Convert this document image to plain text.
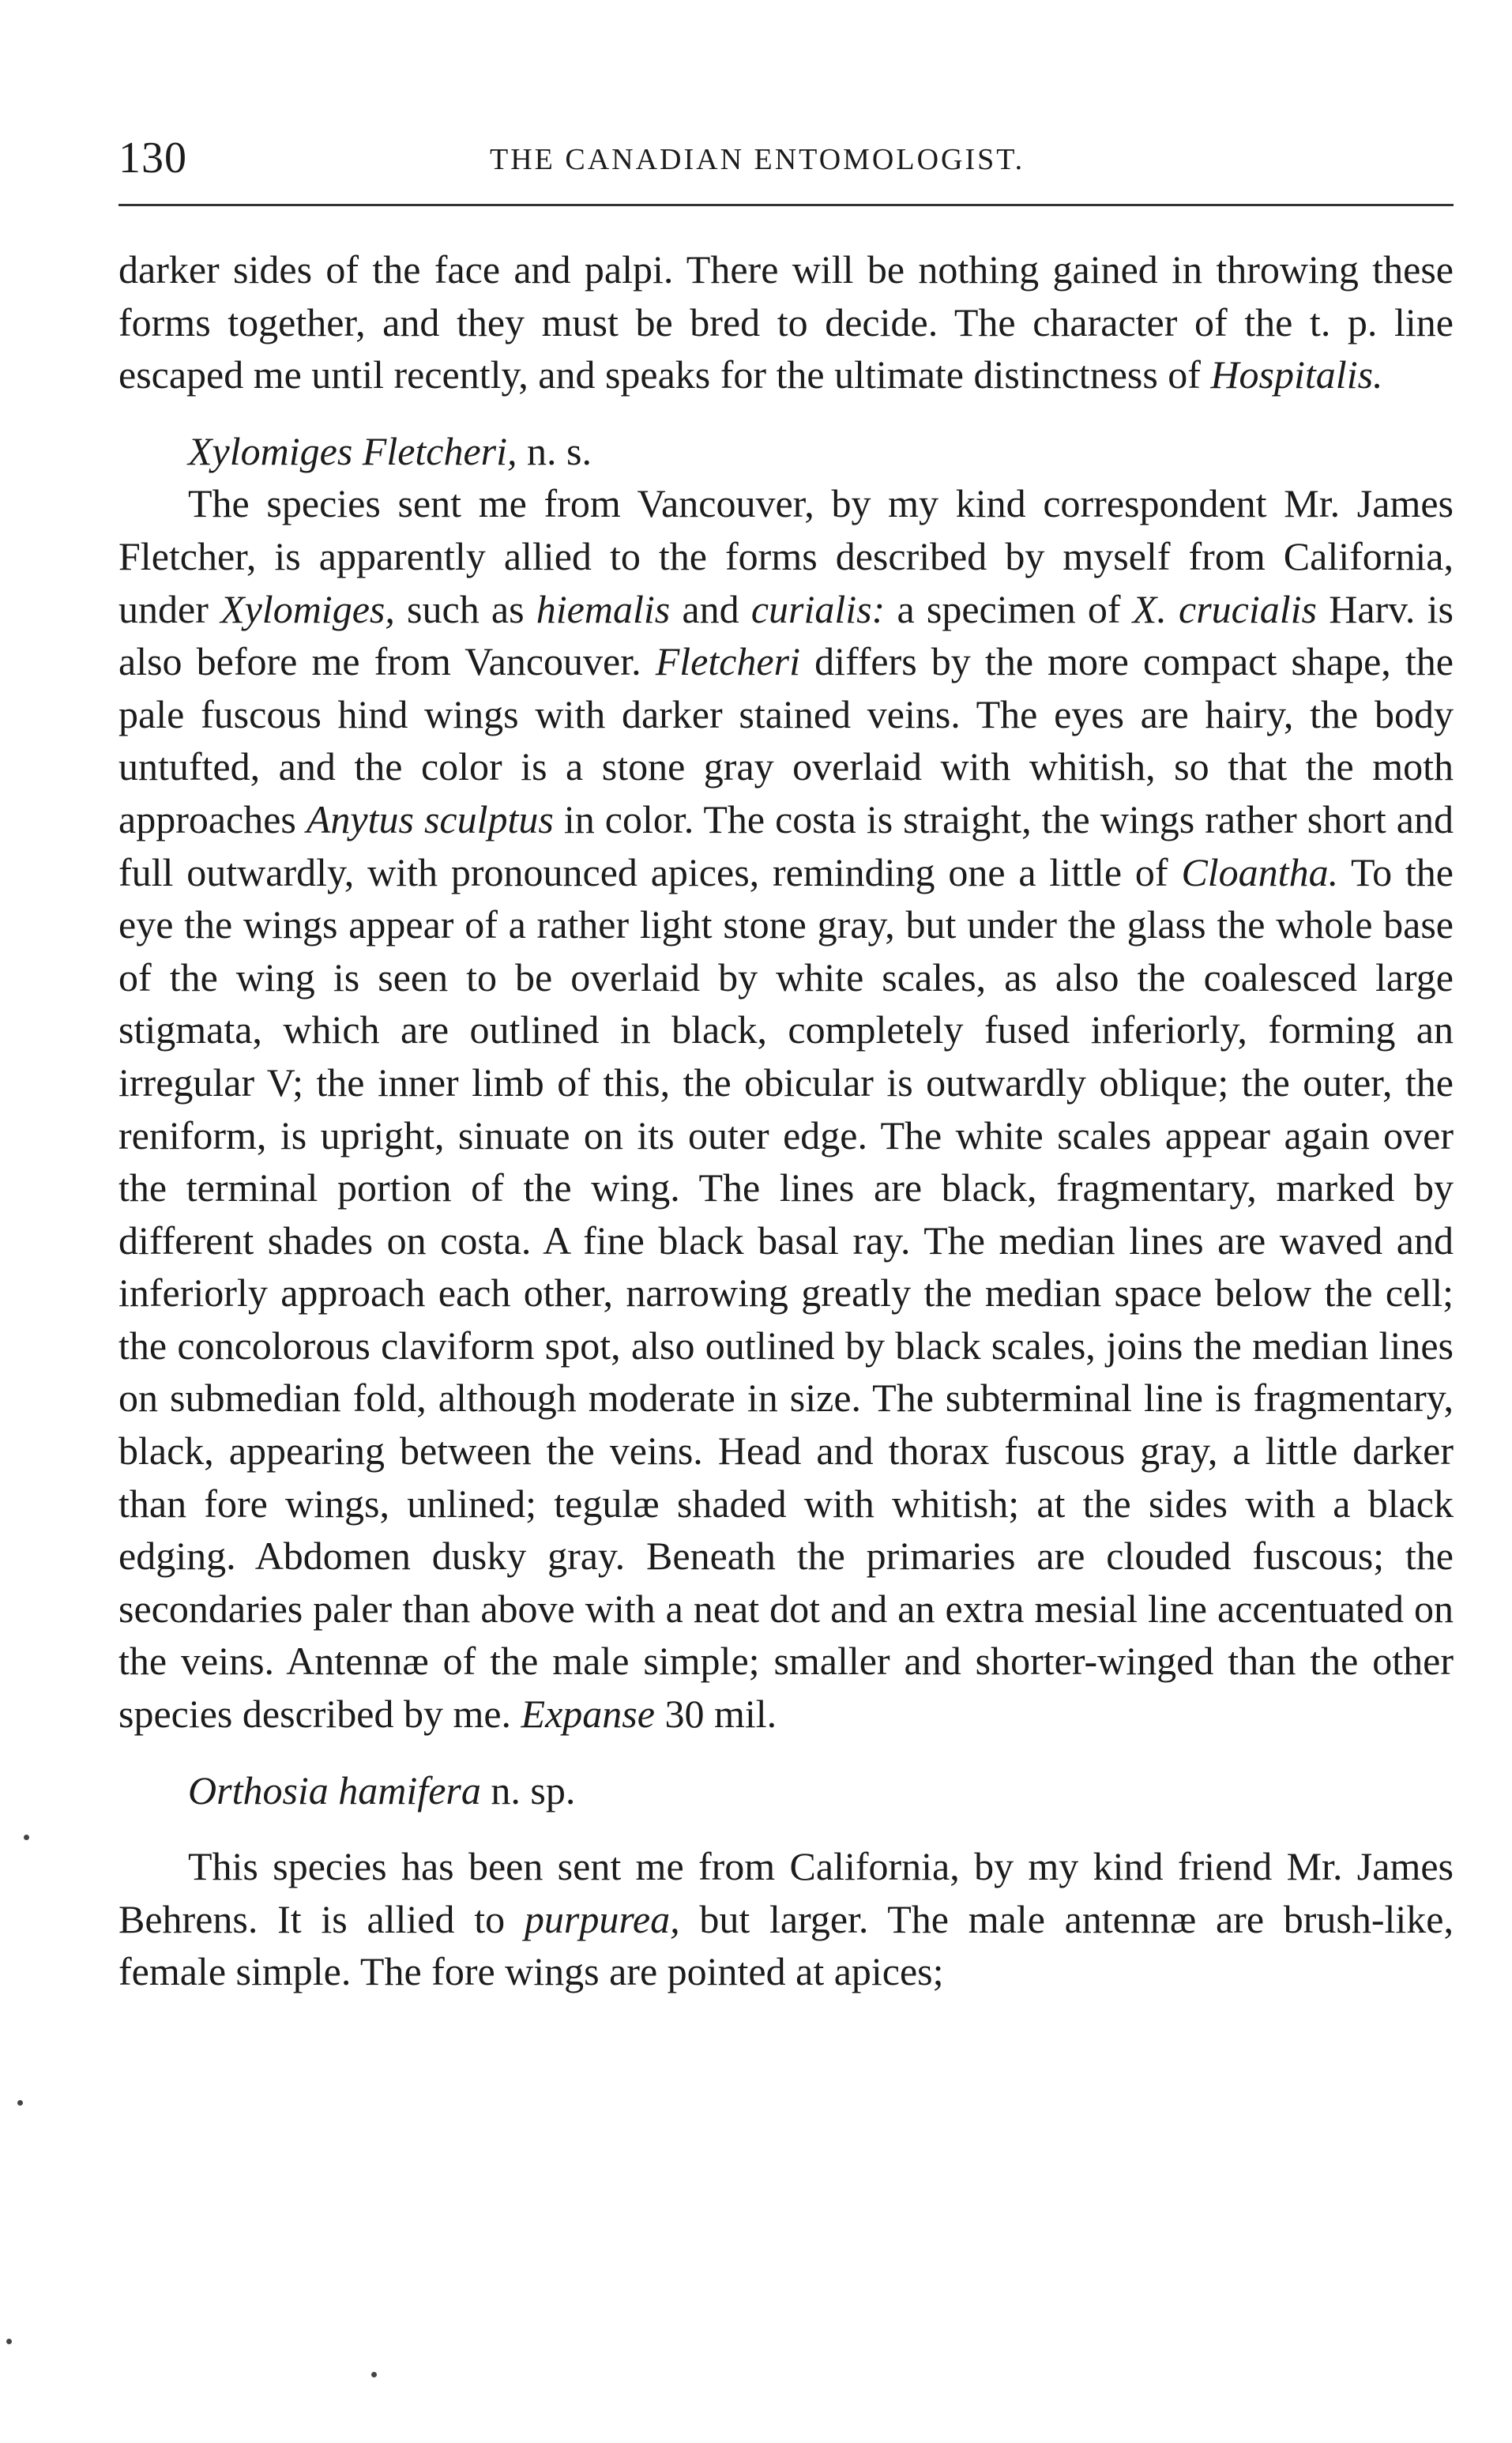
130	THE CANADIAN ENTOMOLOGIST.

darker sides of the face and palpi. There will be nothing gained in throwing these forms together, and they must be bred to decide. The character of the t. p. line escaped me until recently, and speaks for the ultimate distinctness of Hospitalis.

Xylomiges Fletcheri, n. s.

The species sent me from Vancouver, by my kind correspondent Mr. James Fletcher, is apparently allied to the forms described by myself from California, under Xylomiges, such as hiemalis and curialis: a specimen of X. crucialis Harv. is also before me from Vancouver. Fletcheri differs by the more compact shape, the pale fuscous hind wings with darker stained veins. The eyes are hairy, the body untufted, and the color is a stone gray overlaid with whitish, so that the moth approaches Anytus sculptus in color. The costa is straight, the wings rather short and full outwardly, with pronounced apices, reminding one a little of Cloantha. To the eye the wings appear of a rather light stone gray, but under the glass the whole base of the wing is seen to be overlaid by white scales, as also the coalesced large stigmata, which are outlined in black, completely fused inferiorly, forming an irregular V; the inner limb of this, the obicular is outwardly oblique; the outer, the reniform, is upright, sinuate on its outer edge. The white scales appear again over the terminal portion of the wing. The lines are black, fragmentary, marked by different shades on costa. A fine black basal ray. The median lines are waved and inferiorly approach each other, narrowing greatly the median space below the cell; the concolorous claviform spot, also outlined by black scales, joins the median lines on submedian fold, although moderate in size. The subterminal line is fragmentary, black, appearing between the veins. Head and thorax fuscous gray, a little darker than fore wings, unlined; tegulæ shaded with whitish; at the sides with a black edging. Abdomen dusky gray. Beneath the primaries are clouded fuscous; the secondaries paler than above with a neat dot and an extra mesial line accentuated on the veins. Antennæ of the male simple; smaller and shorter-winged than the other species described by me. Expanse 30 mil.

Orthosia hamifera n. sp.

This species has been sent me from California, by my kind friend Mr. James Behrens. It is allied to purpurea, but larger. The male antennæ are brush-like, female simple. The fore wings are pointed at apices;
